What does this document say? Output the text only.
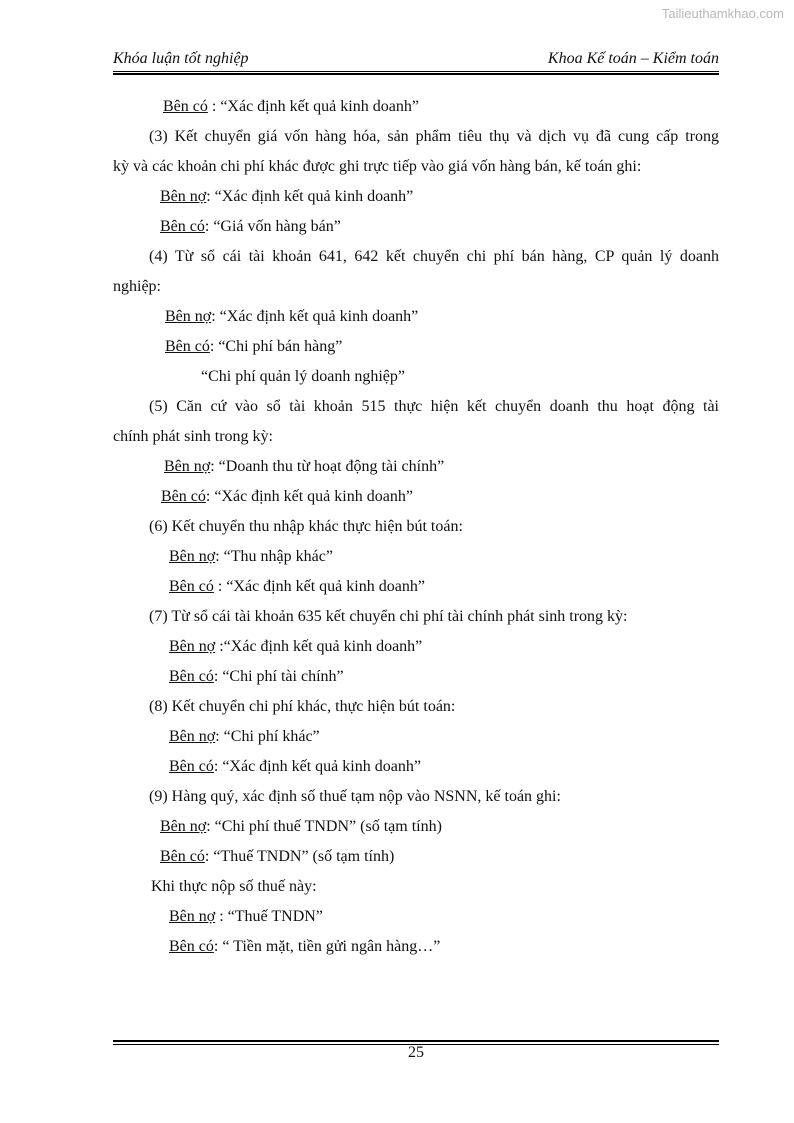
Tailieuthamkhao.com
Khóa luận tốt nghiệp	Khoa Kế toán – Kiểm toán
Bên có : “Xác định kết quả kinh doanh”
(3) Kết chuyển giá vốn hàng hóa, sản phẩm tiêu thụ và dịch vụ đã cung cấp trong
kỳ và các khoản chi phí khác được ghi trực tiếp vào giá vốn hàng bán, kế toán ghi:
Bên nợ: “Xác định kết quả kinh doanh”
Bên có: “Giá vốn hàng bán”
(4) Từ sổ cái tài khoản 641, 642 kết chuyển chi phí bán hàng, CP quản lý doanh
nghiệp:
Bên nợ: “Xác định kết quả kinh doanh”
Bên có: “Chi phí bán hàng”
“Chi phí quản lý doanh nghiệp”
(5) Căn cứ vào sổ tài khoản 515 thực hiện kết chuyển doanh thu hoạt động tài
chính phát sinh trong kỳ:
Bên nợ: “Doanh thu từ hoạt động tài chính”
Bên có: “Xác định kết quả kinh doanh”
(6) Kết chuyển thu nhập khác thực hiện bút toán:
Bên nợ: “Thu nhập khác”
Bên có : “Xác định kết quả kinh doanh”
(7) Từ sổ cái tài khoản 635 kết chuyển chi phí tài chính phát sinh trong kỳ:
Bên nợ :“Xác định kết quả kinh doanh”
Bên có: “Chi phí tài chính”
(8) Kết chuyển chi phí khác, thực hiện bút toán:
Bên nợ: “Chi phí khác”
Bên có: “Xác định kết quả kinh doanh”
(9) Hàng quý, xác định số thuế tạm nộp vào NSNN, kế toán ghi:
Bên nợ: “Chi phí thuế TNDN” (số tạm tính)
Bên có: “Thuế TNDN” (số tạm tính)
Khi thực nộp số thuế này:
Bên nợ : “Thuế TNDN”
Bên có: “ Tiền mặt, tiền gửi ngân hàng…”
25
